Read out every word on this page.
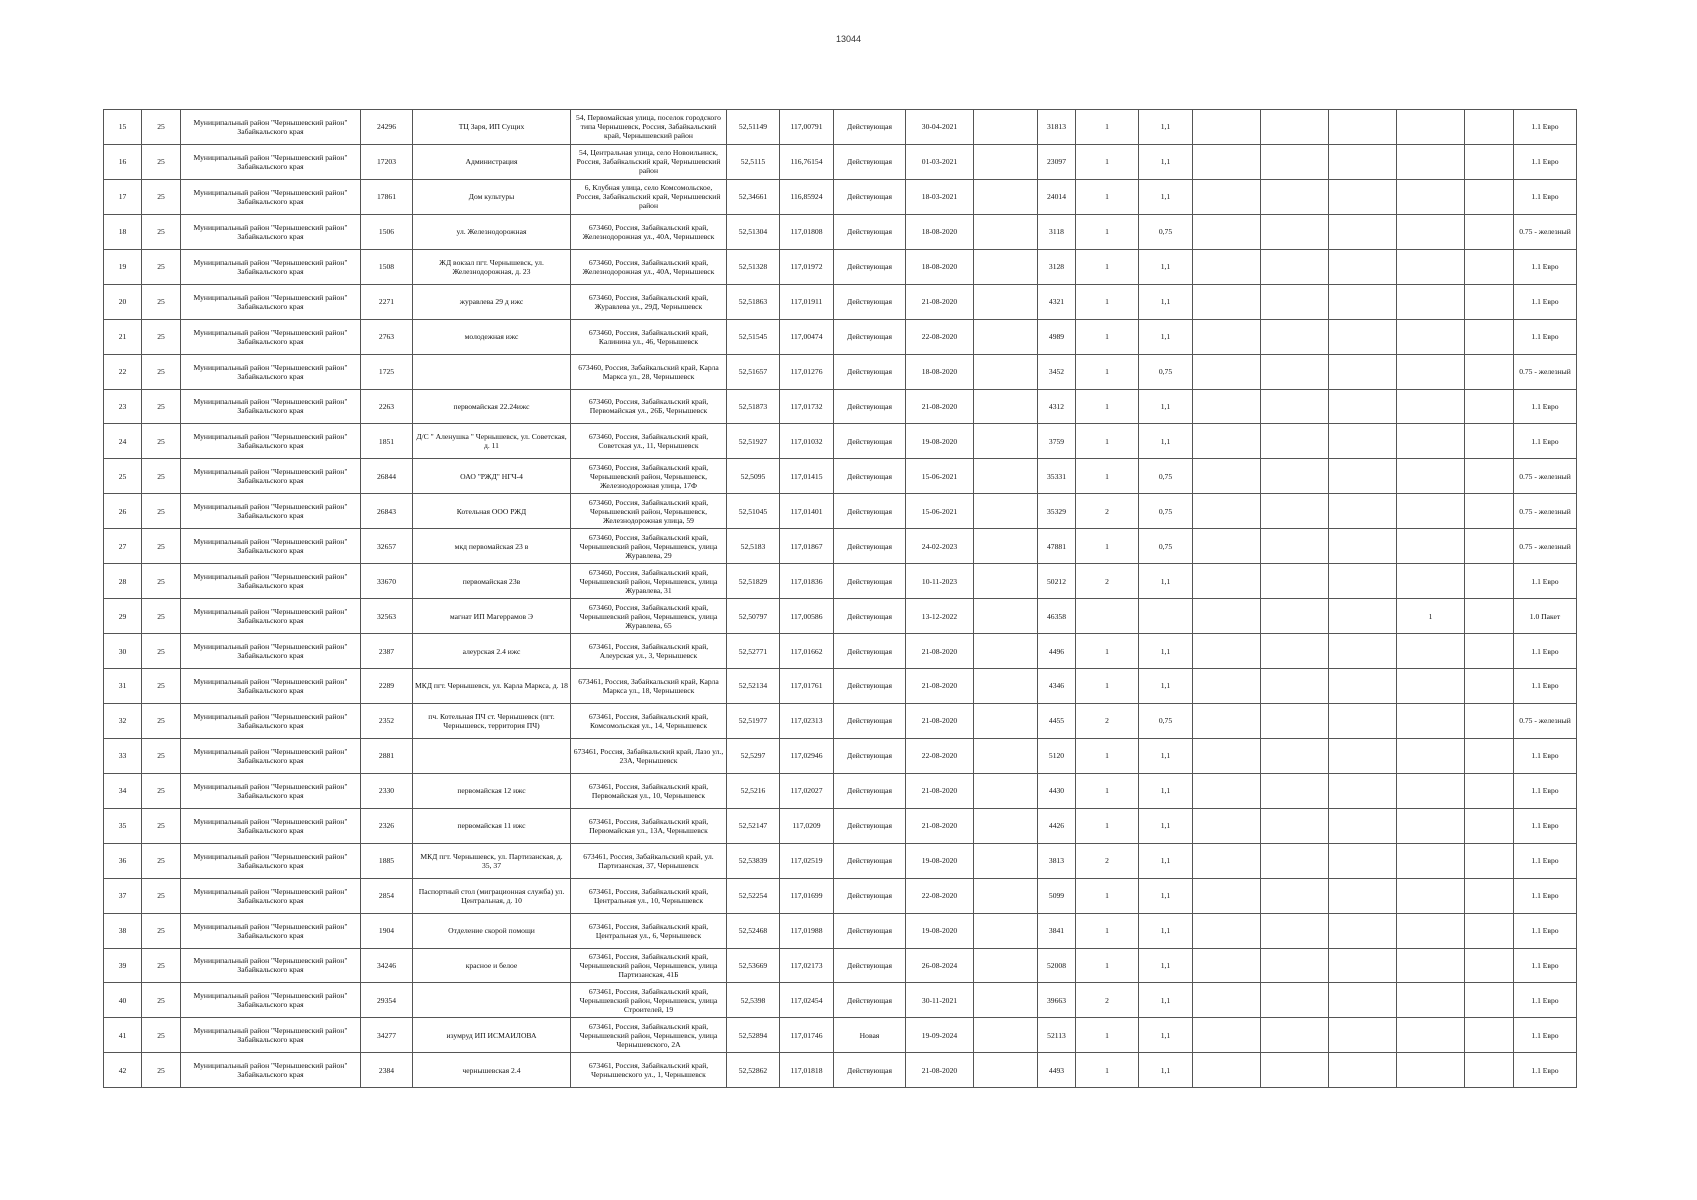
13044
15	25	Муниципальный район "Чернышевский район" Забайкальского края	24296	ТЦ Заря, ИП Сущих	54, Первомайская улица, поселок городского типа Чернышевск, Россия, Забайкальский край, Чернышевский район	52,51149	117,00791	Действующая	30-04-2021		31813	1	1,1						1.1 Евро
16	25	Муниципальный район "Чернышевский район" Забайкальского края	17203	Администрация	54, Центральная улица, село Новоильинск, Россия, Забайкальский край, Чернышевский район	52,5115	116,76154	Действующая	01-03-2021		23097	1	1,1						1.1 Евро
17	25	Муниципальный район "Чернышевский район" Забайкальского края	17861	Дом культуры	6, Клубная улица, село Комсомольское, Россия, Забайкальский край, Чернышевский район	52,34661	116,85924	Действующая	18-03-2021		24014	1	1,1						1.1 Евро
18	25	Муниципальный район "Чернышевский район" Забайкальского края	1506	ул. Железнодорожная	673460, Россия, Забайкальский край, Железнодорожная ул., 40А, Чернышевск	52,51304	117,01808	Действующая	18-08-2020		3118	1	0,75						0.75 - железный
19	25	Муниципальный район "Чернышевский район" Забайкальского края	1508	ЖД вокзал пгт. Чернышевск, ул. Железнодорожная, д. 23	673460, Россия, Забайкальский край, Железнодорожная ул., 40А, Чернышевск	52,51328	117,01972	Действующая	18-08-2020		3128	1	1,1						1.1 Евро
20	25	Муниципальный район "Чернышевский район" Забайкальского края	2271	журавлева 29 д ижс	673460, Россия, Забайкальский край, Журавлева ул., 29Д, Чернышевск	52,51863	117,01911	Действующая	21-08-2020		4321	1	1,1						1.1 Евро
21	25	Муниципальный район "Чернышевский район" Забайкальского края	2763	молодежная ижс	673460, Россия, Забайкальский край, Калинина ул., 46, Чернышевск	52,51545	117,00474	Действующая	22-08-2020		4989	1	1,1						1.1 Евро
22	25	Муниципальный район "Чернышевский район" Забайкальского края	1725		673460, Россия, Забайкальский край, Карла Маркса ул., 28, Чернышевск	52,51657	117,01276	Действующая	18-08-2020		3452	1	0,75						0.75 - железный
23	25	Муниципальный район "Чернышевский район" Забайкальского края	2263	первомайская 22.24ижс	673460, Россия, Забайкальский край, Первомайская ул., 26Б, Чернышевск	52,51873	117,01732	Действующая	21-08-2020		4312	1	1,1						1.1 Евро
24	25	Муниципальный район "Чернышевский район" Забайкальского края	1851	Д/С " Аленушка " Чернышевск, ул. Советская, д. 11	673460, Россия, Забайкальский край, Советская ул., 11, Чернышевск	52,51927	117,01032	Действующая	19-08-2020		3759	1	1,1						1.1 Евро
25	25	Муниципальный район "Чернышевский район" Забайкальского края	26844	ОАО "РЖД" НГЧ-4	673460, Россия, Забайкальский край, Чернышевский район, Чернышевск, Железнодорожная улица, 17Ф	52,5095	117,01415	Действующая	15-06-2021		35331	1	0,75						0.75 - железный
26	25	Муниципальный район "Чернышевский район" Забайкальского края	26843	Котельная ООО РЖД	673460, Россия, Забайкальский край, Чернышевский район, Чернышевск, Железнодорожная улица, 59	52,51045	117,01401	Действующая	15-06-2021		35329	2	0,75						0.75 - железный
27	25	Муниципальный район "Чернышевский район" Забайкальского края	32657	мкд первомайская 23 в	673460, Россия, Забайкальский край, Чернышевский район, Чернышевск, улица Журавлева, 29	52,5183	117,01867	Действующая	24-02-2023		47881	1	0,75						0.75 - железный
28	25	Муниципальный район "Чернышевский район" Забайкальского края	33670	первомайская 23в	673460, Россия, Забайкальский край, Чернышевский район, Чернышевск, улица Журавлева, 31	52,51829	117,01836	Действующая	10-11-2023		50212	2	1,1						1.1 Евро
29	25	Муниципальный район "Чернышевский район" Забайкальского края	32563	магнат ИП Магеррамов Э	673460, Россия, Забайкальский край, Чернышевский район, Чернышевск, улица Журавлева, 65	52,50797	117,00586	Действующая	13-12-2022		46358						1		1.0 Пакет
30	25	Муниципальный район "Чернышевский район" Забайкальского края	2387	алеурская 2.4 ижс	673461, Россия, Забайкальский край, Алеурская ул., 3, Чернышевск	52,52771	117,01662	Действующая	21-08-2020		4496	1	1,1						1.1 Евро
31	25	Муниципальный район "Чернышевский район" Забайкальского края	2289	МКД пгт. Чернышевск, ул. Карла Маркса, д. 18	673461, Россия, Забайкальский край, Карла Маркса ул., 18, Чернышевск	52,52134	117,01761	Действующая	21-08-2020		4346	1	1,1						1.1 Евро
32	25	Муниципальный район "Чернышевский район" Забайкальского края	2352	пч. Котельная ПЧ ст. Чернышевск (пгт. Чернышевск, территория ПЧ)	673461, Россия, Забайкальский край, Комсомольская ул., 14, Чернышевск	52,51977	117,02313	Действующая	21-08-2020		4455	2	0,75						0.75 - железный
33	25	Муниципальный район "Чернышевский район" Забайкальского края	2881		673461, Россия, Забайкальский край, Лазо ул., 23А, Чернышевск	52,5297	117,02946	Действующая	22-08-2020		5120	1	1,1						1.1 Евро
34	25	Муниципальный район "Чернышевский район" Забайкальского края	2330	первомайская 12 ижс	673461, Россия, Забайкальский край, Первомайская ул., 10, Чернышевск	52,5216	117,02027	Действующая	21-08-2020		4430	1	1,1						1.1 Евро
35	25	Муниципальный район "Чернышевский район" Забайкальского края	2326	первомайская 11 ижс	673461, Россия, Забайкальский край, Первомайская ул., 13А, Чернышевск	52,52147	117,0209	Действующая	21-08-2020		4426	1	1,1						1.1 Евро
36	25	Муниципальный район "Чернышевский район" Забайкальского края	1885	МКД пгт. Чернышевск, ул. Партизанская, д. 35, 37	673461, Россия, Забайкальский край, ул. Партизанская, 37, Чернышевск	52,53839	117,02519	Действующая	19-08-2020		3813	2	1,1						1.1 Евро
37	25	Муниципальный район "Чернышевский район" Забайкальского края	2854	Паспортный стол (миграционная служба) ул. Центральная, д. 10	673461, Россия, Забайкальский край, Центральная ул., 10, Чернышевск	52,52254	117,01699	Действующая	22-08-2020		5099	1	1,1						1.1 Евро
38	25	Муниципальный район "Чернышевский район" Забайкальского края	1904	Отделение скорой помощи	673461, Россия, Забайкальский край, Центральная ул., 6, Чернышевск	52,52468	117,01988	Действующая	19-08-2020		3841	1	1,1						1.1 Евро
39	25	Муниципальный район "Чернышевский район" Забайкальского края	34246	красное и белое	673461, Россия, Забайкальский край, Чернышевский район, Чернышевск, улица Партизанская, 41Б	52,53669	117,02173	Действующая	26-08-2024		52008	1	1,1						1.1 Евро
40	25	Муниципальный район "Чернышевский район" Забайкальского края	29354		673461, Россия, Забайкальский край, Чернышевский район, Чернышевск, улица Строителей, 19	52,5398	117,02454	Действующая	30-11-2021		39663	2	1,1						1.1 Евро
41	25	Муниципальный район "Чернышевский район" Забайкальского края	34277	изумруд ИП ИСМАИЛОВА	673461, Россия, Забайкальский край, Чернышевский район, Чернышевск, улица Чернышевского, 2А	52,52894	117,01746	Новая	19-09-2024		52113	1	1,1						1.1 Евро
42	25	Муниципальный район "Чернышевский район" Забайкальского края	2384	чернышевская 2.4	673461, Россия, Забайкальский край, Чернышевского ул., 1, Чернышевск	52,52862	117,01818	Действующая	21-08-2020		4493	1	1,1						1.1 Евро
